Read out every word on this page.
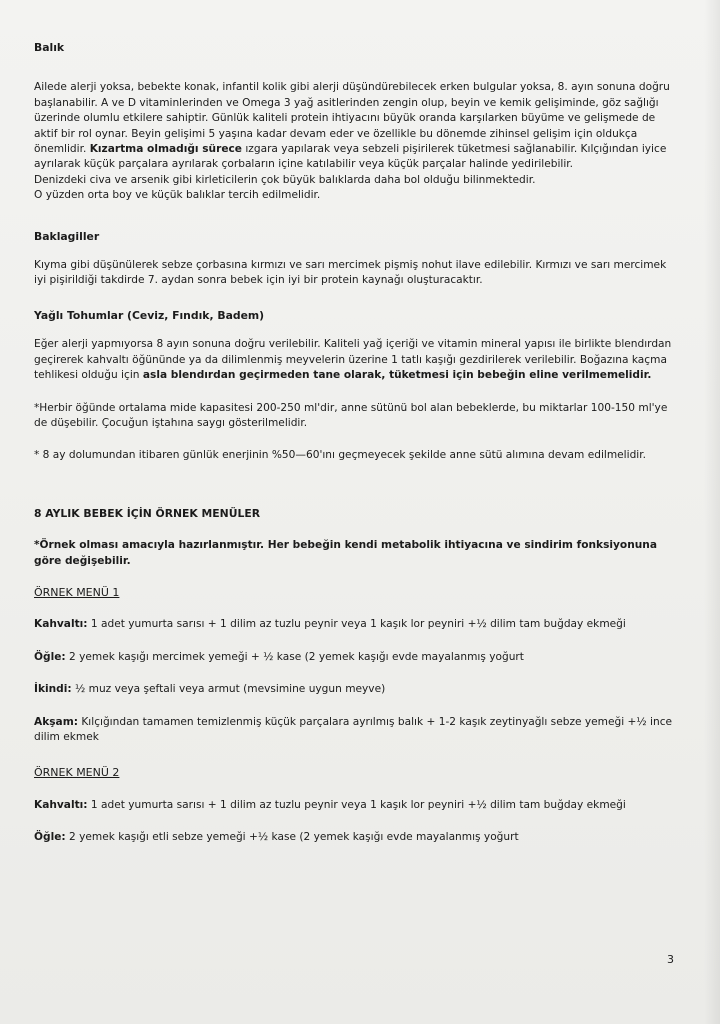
Balık

Ailede alerji yoksa, bebekte konak, infantil kolik gibi alerji düşündürebilecek erken bulgular yoksa, 8. ayın sonuna doğru başlanabilir. A ve D vitaminlerinden ve Omega 3 yağ asitlerinden zengin olup, beyin ve kemik gelişiminde, göz sağlığı üzerinde olumlu etkilere sahiptir. Günlük kaliteli protein ihtiyacını büyük oranda karşılarken büyüme ve gelişmede de aktif bir rol oynar. Beyin gelişimi 5 yaşına kadar devam eder ve özellikle bu dönemde zihinsel gelişim için oldukça önemlidir. Kızartma olmadığı sürece ızgara yapılarak veya sebzeli pişirilerek tüketmesi sağlanabilir. Kılçığından iyice ayrılarak küçük parçalara ayrılarak çorbaların içine katılabilir veya küçük parçalar halinde yedirilebilir.

Denizdeki civa ve arsenik gibi kirleticilerin çok büyük balıklarda daha bol olduğu bilinmektedir.

O yüzden orta boy ve küçük balıklar tercih edilmelidir.

Baklagiller

Kıyma gibi düşünülerek sebze çorbasına kırmızı ve sarı mercimek pişmiş nohut ilave edilebilir. Kırmızı ve sarı mercimek iyi pişirildiği takdirde 7. aydan sonra bebek için iyi bir protein kaynağı oluşturacaktır.

Yağlı Tohumlar (Ceviz, Fındık, Badem)

Eğer alerji yapmıyorsa 8 ayın sonuna doğru verilebilir. Kaliteli yağ içeriği ve vitamin mineral yapısı ile birlikte blendırdan geçirerek kahvaltı öğününde ya da dilimlenmiş meyvelerin üzerine 1 tatlı kaşığı gezdirilerek verilebilir. Boğazına kaçma tehlikesi olduğu için asla blendırdan geçirmeden tane olarak, tüketmesi için bebeğin eline verilmemelidir.

*Herbir öğünde ortalama mide kapasitesi 200-250 ml'dir, anne sütünü bol alan bebeklerde, bu miktarlar 100-150 ml'ye de düşebilir. Çocuğun iştahına saygı gösterilmelidir.

* 8 ay dolumundan itibaren günlük enerjinin %50—60'ını geçmeyecek şekilde anne sütü alımına devam edilmelidir.

8 AYLIK BEBEK İÇİN ÖRNEK MENÜLER

*Örnek olması amacıyla hazırlanmıştır. Her bebeğin kendi metabolik ihtiyacına ve sindirim fonksiyonuna göre değişebilir.

ÖRNEK MENÜ 1

Kahvaltı: 1 adet yumurta sarısı + 1 dilim az tuzlu peynir veya 1 kaşık lor peyniri +½ dilim tam buğday ekmeği

Öğle: 2 yemek kaşığı mercimek yemeği + ½ kase (2 yemek kaşığı evde mayalanmış yoğurt

İkindi: ½ muz veya şeftali veya armut (mevsimine uygun meyve)

Akşam: Kılçığından tamamen temizlenmiş küçük parçalara ayrılmış balık + 1-2 kaşık zeytinyağlı sebze yemeği +½ ince dilim ekmek

ÖRNEK MENÜ 2

Kahvaltı: 1 adet yumurta sarısı + 1 dilim az tuzlu peynir veya 1 kaşık lor peyniri +½ dilim tam buğday ekmeği

Öğle: 2 yemek kaşığı etli sebze yemeği +½ kase (2 yemek kaşığı evde mayalanmış yoğurt

3
